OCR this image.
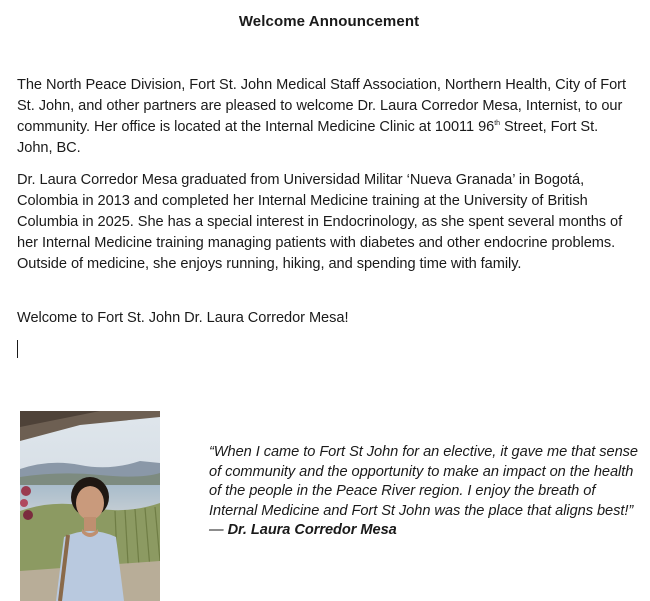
Welcome Announcement

The North Peace Division, Fort St. John Medical Staff Association, Northern Health, City of Fort St. John, and other partners are pleased to welcome Dr. Laura Corredor Mesa, Internist, to our community. Her office is located at the Internal Medicine Clinic at 10011 96th Street, Fort St. John, BC.

Dr. Laura Corredor Mesa graduated from Universidad Militar ‘Nueva Granada’ in Bogotá, Colombia in 2013 and completed her Internal Medicine training at the University of British Columbia in 2025. She has a special interest in Endocrinology, as she spent several months of her Internal Medicine training managing patients with diabetes and other endocrine problems. Outside of medicine, she enjoys running, hiking, and spending time with family.

Welcome to Fort St. John Dr. Laura Corredor Mesa!

“When I came to Fort St John for an elective, it gave me that sense of community and the opportunity to make an impact on the health of the people in the Peace River region. I enjoy the breath of Internal Medicine and Fort St John was the place that aligns best!” — Dr. Laura Corredor Mesa
